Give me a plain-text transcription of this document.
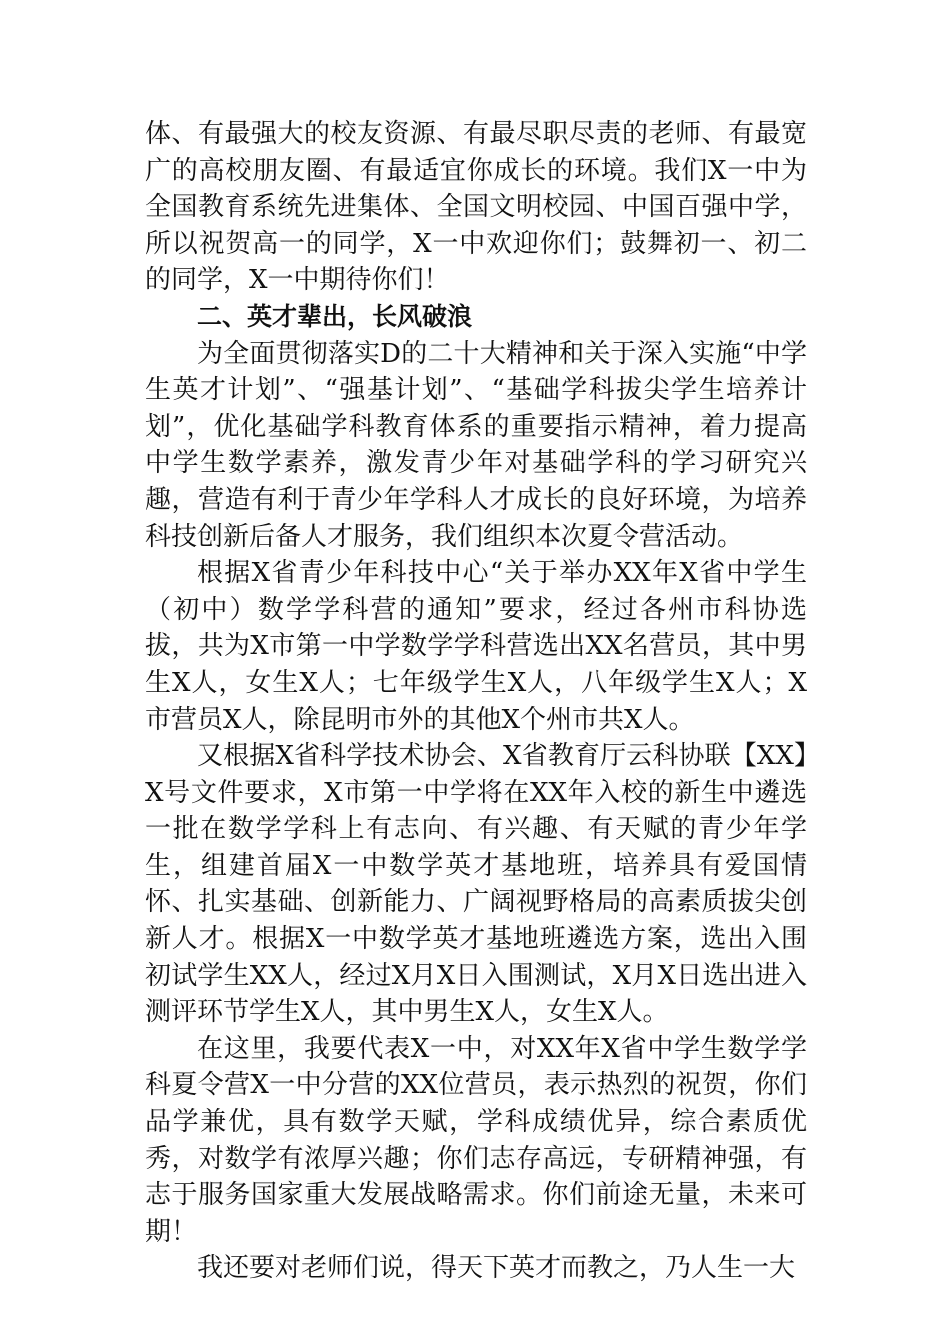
体、有最强大的校友资源、有最尽职尽责的老师、有最宽广的高校朋友圈、有最适宜你成长的环境。我们X一中为全国教育系统先进集体、全国文明校园、中国百强中学，所以祝贺高一的同学，X一中欢迎你们；鼓舞初一、初二的同学，X一中期待你们！

二、英才辈出，长风破浪

为全面贯彻落实D的二十大精神和关于深入实施“中学生英才计划”、“强基计划”、“基础学科拔尖学生培养计划”，优化基础学科教育体系的重要指示精神，着力提高中学生数学素养，激发青少年对基础学科的学习研究兴趣，营造有利于青少年学科人才成长的良好环境，为培养科技创新后备人才服务，我们组织本次夏令营活动。

根据X省青少年科技中心“关于举办XX年X省中学生（初中）数学学科营的通知”要求，经过各州市科协选拔，共为X市第一中学数学学科营选出XX名营员，其中男生X人，女生X人；七年级学生X人，八年级学生X人；X市营员X人，除昆明市外的其他X个州市共X人。

又根据X省科学技术协会、X省教育厅云科协联【XX】X号文件要求，X市第一中学将在XX年入校的新生中遴选一批在数学学科上有志向、有兴趣、有天赋的青少年学生，组建首届X一中数学英才基地班，培养具有爱国情怀、扎实基础、创新能力、广阔视野格局的高素质拔尖创新人才。根据X一中数学英才基地班遴选方案，选出入围初试学生XX人，经过X月X日入围测试，X月X日选出进入测评环节学生X人，其中男生X人，女生X人。

在这里，我要代表X一中，对XX年X省中学生数学学科夏令营X一中分营的XX位营员，表示热烈的祝贺，你们品学兼优，具有数学天赋，学科成绩优异，综合素质优秀，对数学有浓厚兴趣；你们志存高远，专研精神强，有志于服务国家重大发展战略需求。你们前途无量，未来可期！

我还要对老师们说，得天下英才而教之，乃人生一大
